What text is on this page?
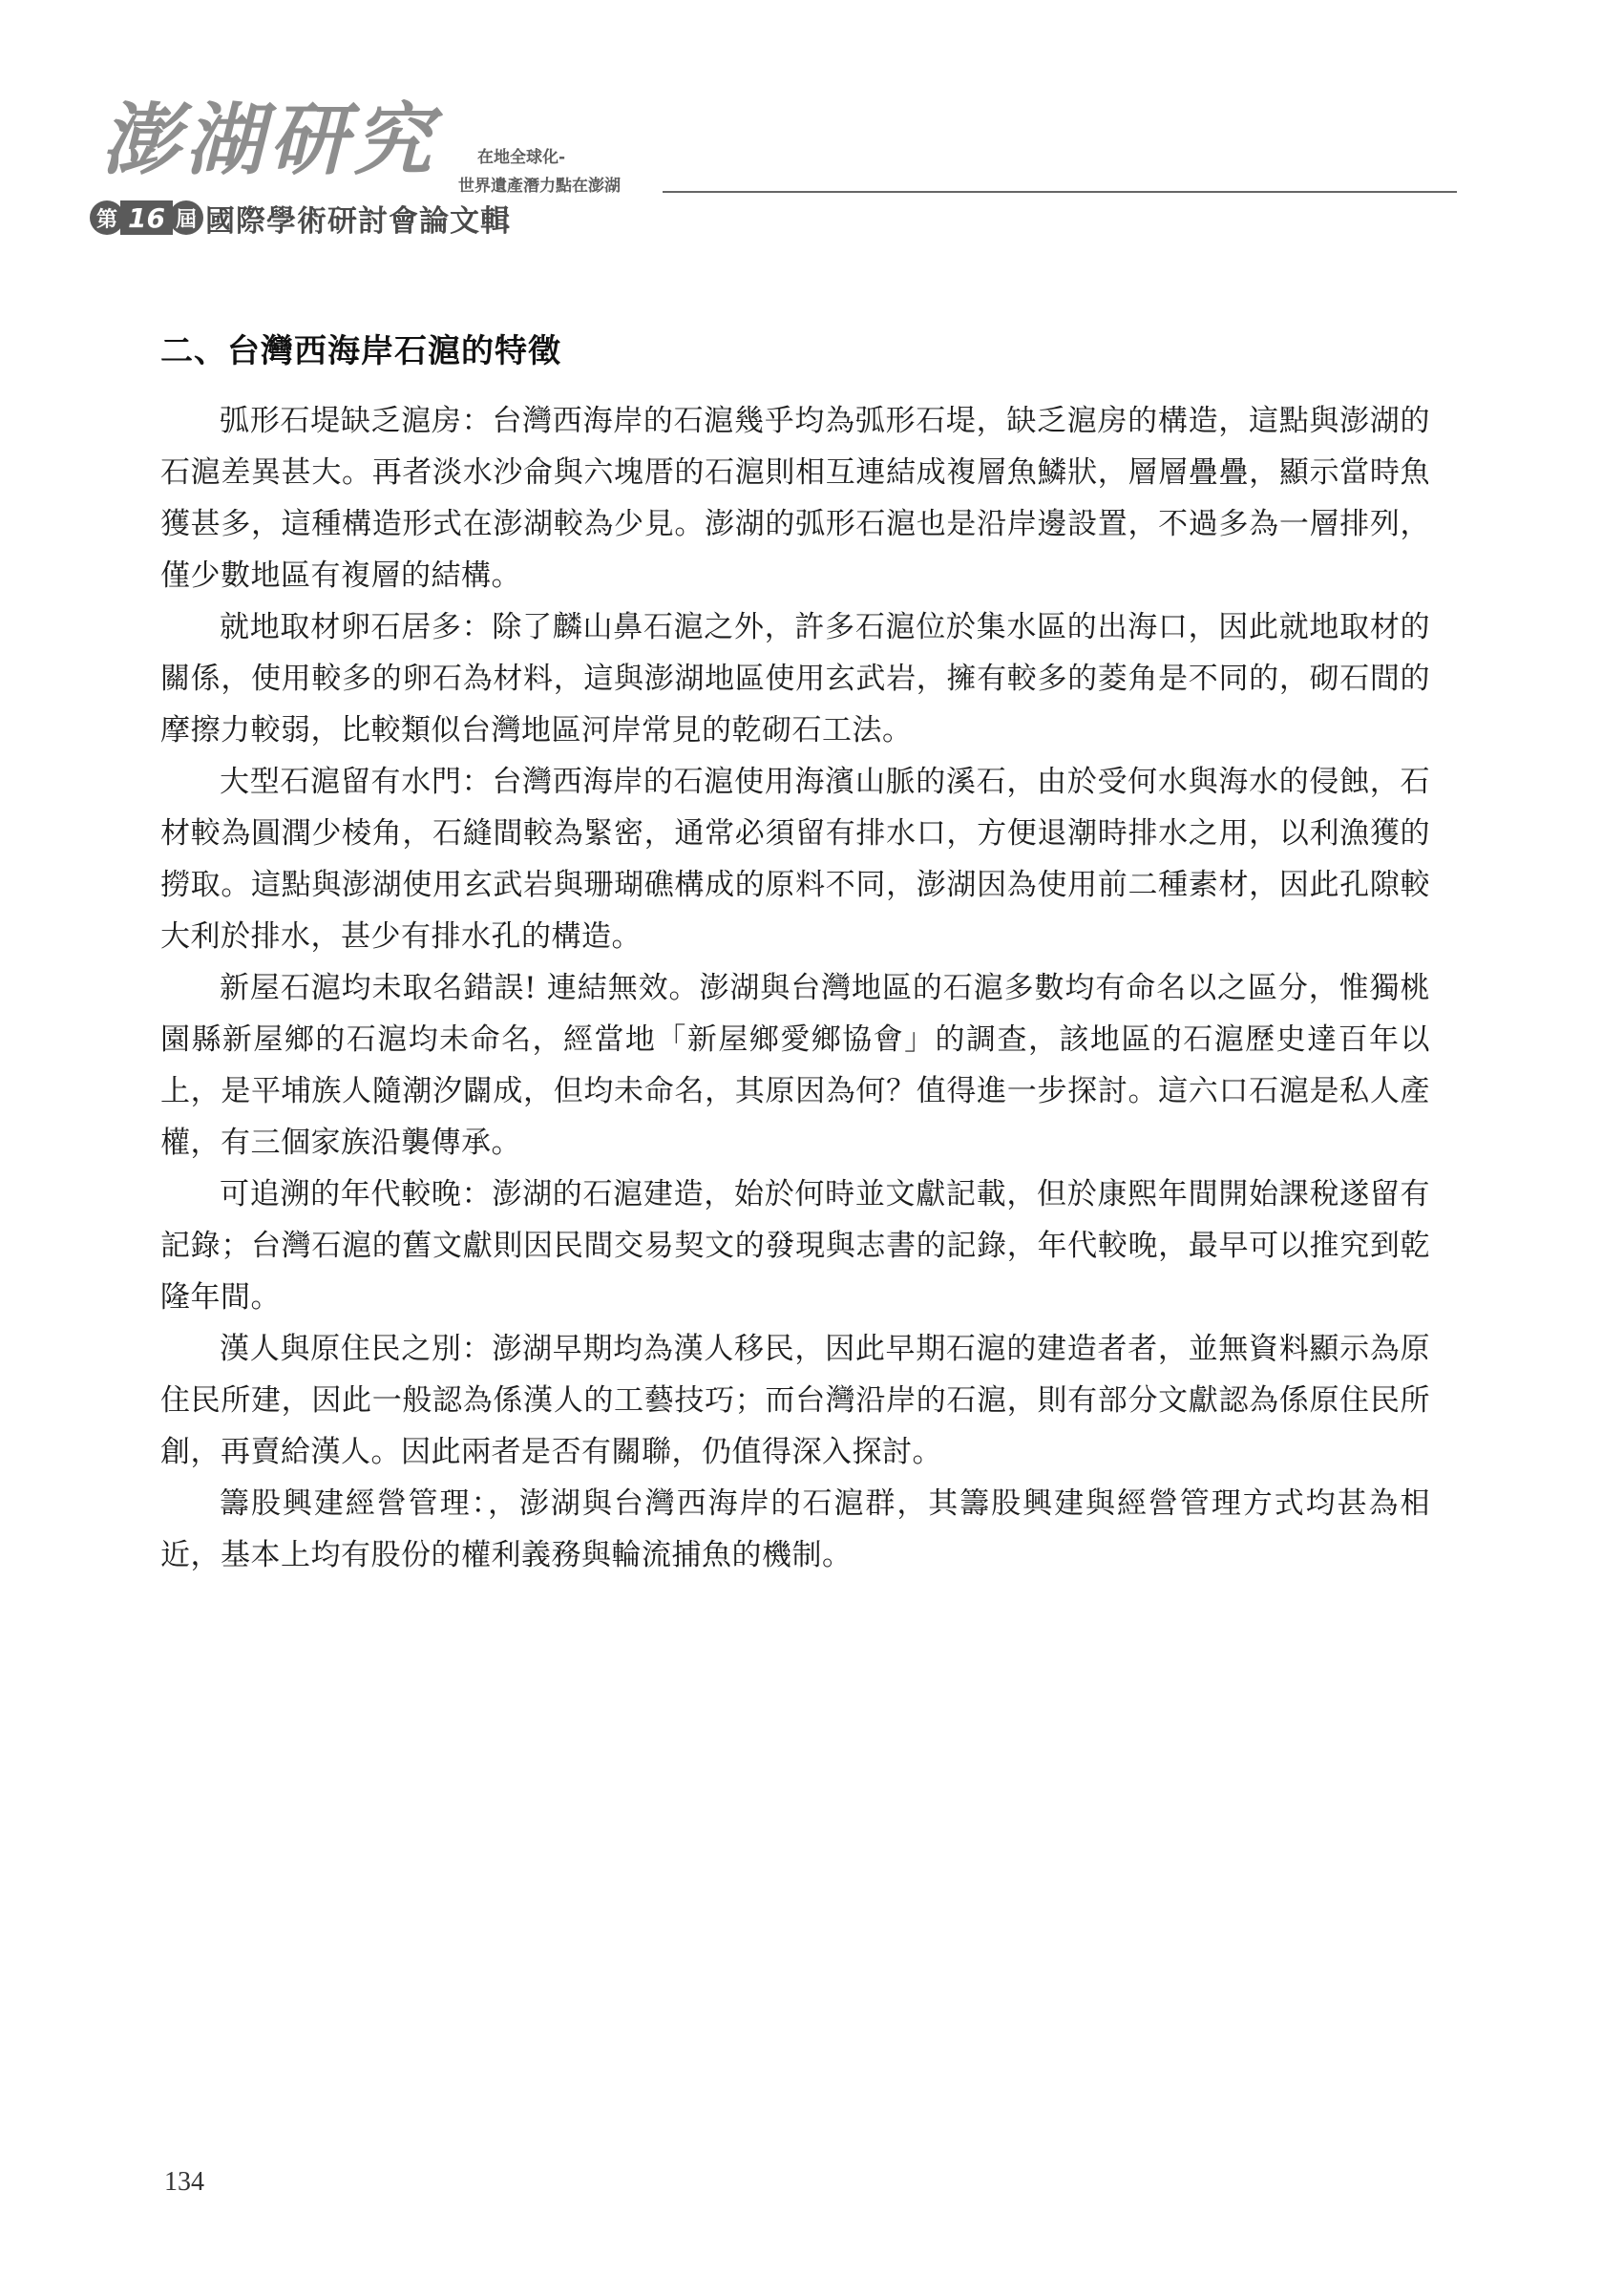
澎湖研究
第 16 屆 國際學術研討會論文輯
在地全球化-
世界遺產潛力點在澎湖
二、台灣西海岸石滬的特徵

弧形石堤缺乏滬房：台灣西海岸的石滬幾乎均為弧形石堤，缺乏滬房的構造，這點與澎湖的石滬差異甚大。再者淡水沙侖與六塊厝的石滬則相互連結成複層魚鱗狀，層層疊疊，顯示當時魚獲甚多，這種構造形式在澎湖較為少見。澎湖的弧形石滬也是沿岸邊設置，不過多為一層排列，僅少數地區有複層的結構。

就地取材卵石居多：除了麟山鼻石滬之外，許多石滬位於集水區的出海口，因此就地取材的關係，使用較多的卵石為材料，這與澎湖地區使用玄武岩，擁有較多的菱角是不同的，砌石間的摩擦力較弱，比較類似台灣地區河岸常見的乾砌石工法。

大型石滬留有水門：台灣西海岸的石滬使用海濱山脈的溪石，由於受何水與海水的侵蝕，石材較為圓潤少棱角，石縫間較為緊密，通常必須留有排水口，方便退潮時排水之用，以利漁獲的撈取。這點與澎湖使用玄武岩與珊瑚礁構成的原料不同，澎湖因為使用前二種素材，因此孔隙較大利於排水，甚少有排水孔的構造。

新屋石滬均未取名錯誤! 連結無效。澎湖與台灣地區的石滬多數均有命名以之區分，惟獨桃園縣新屋鄉的石滬均未命名，經當地「新屋鄉愛鄉協會」的調查，該地區的石滬歷史達百年以上，是平埔族人隨潮汐闢成，但均未命名，其原因為何？值得進一步探討。這六口石滬是私人產權，有三個家族沿襲傳承。

可追溯的年代較晚：澎湖的石滬建造，始於何時並文獻記載，但於康熙年間開始課稅遂留有記錄；台灣石滬的舊文獻則因民間交易契文的發現與志書的記錄，年代較晚，最早可以推究到乾隆年間。

漢人與原住民之別：澎湖早期均為漢人移民，因此早期石滬的建造者者，並無資料顯示為原住民所建，因此一般認為係漢人的工藝技巧；而台灣沿岸的石滬，則有部分文獻認為係原住民所創，再賣給漢人。因此兩者是否有關聯，仍值得深入探討。

籌股興建經營管理：，澎湖與台灣西海岸的石滬群，其籌股興建與經營管理方式均甚為相近，基本上均有股份的權利義務與輪流捕魚的機制。

134
